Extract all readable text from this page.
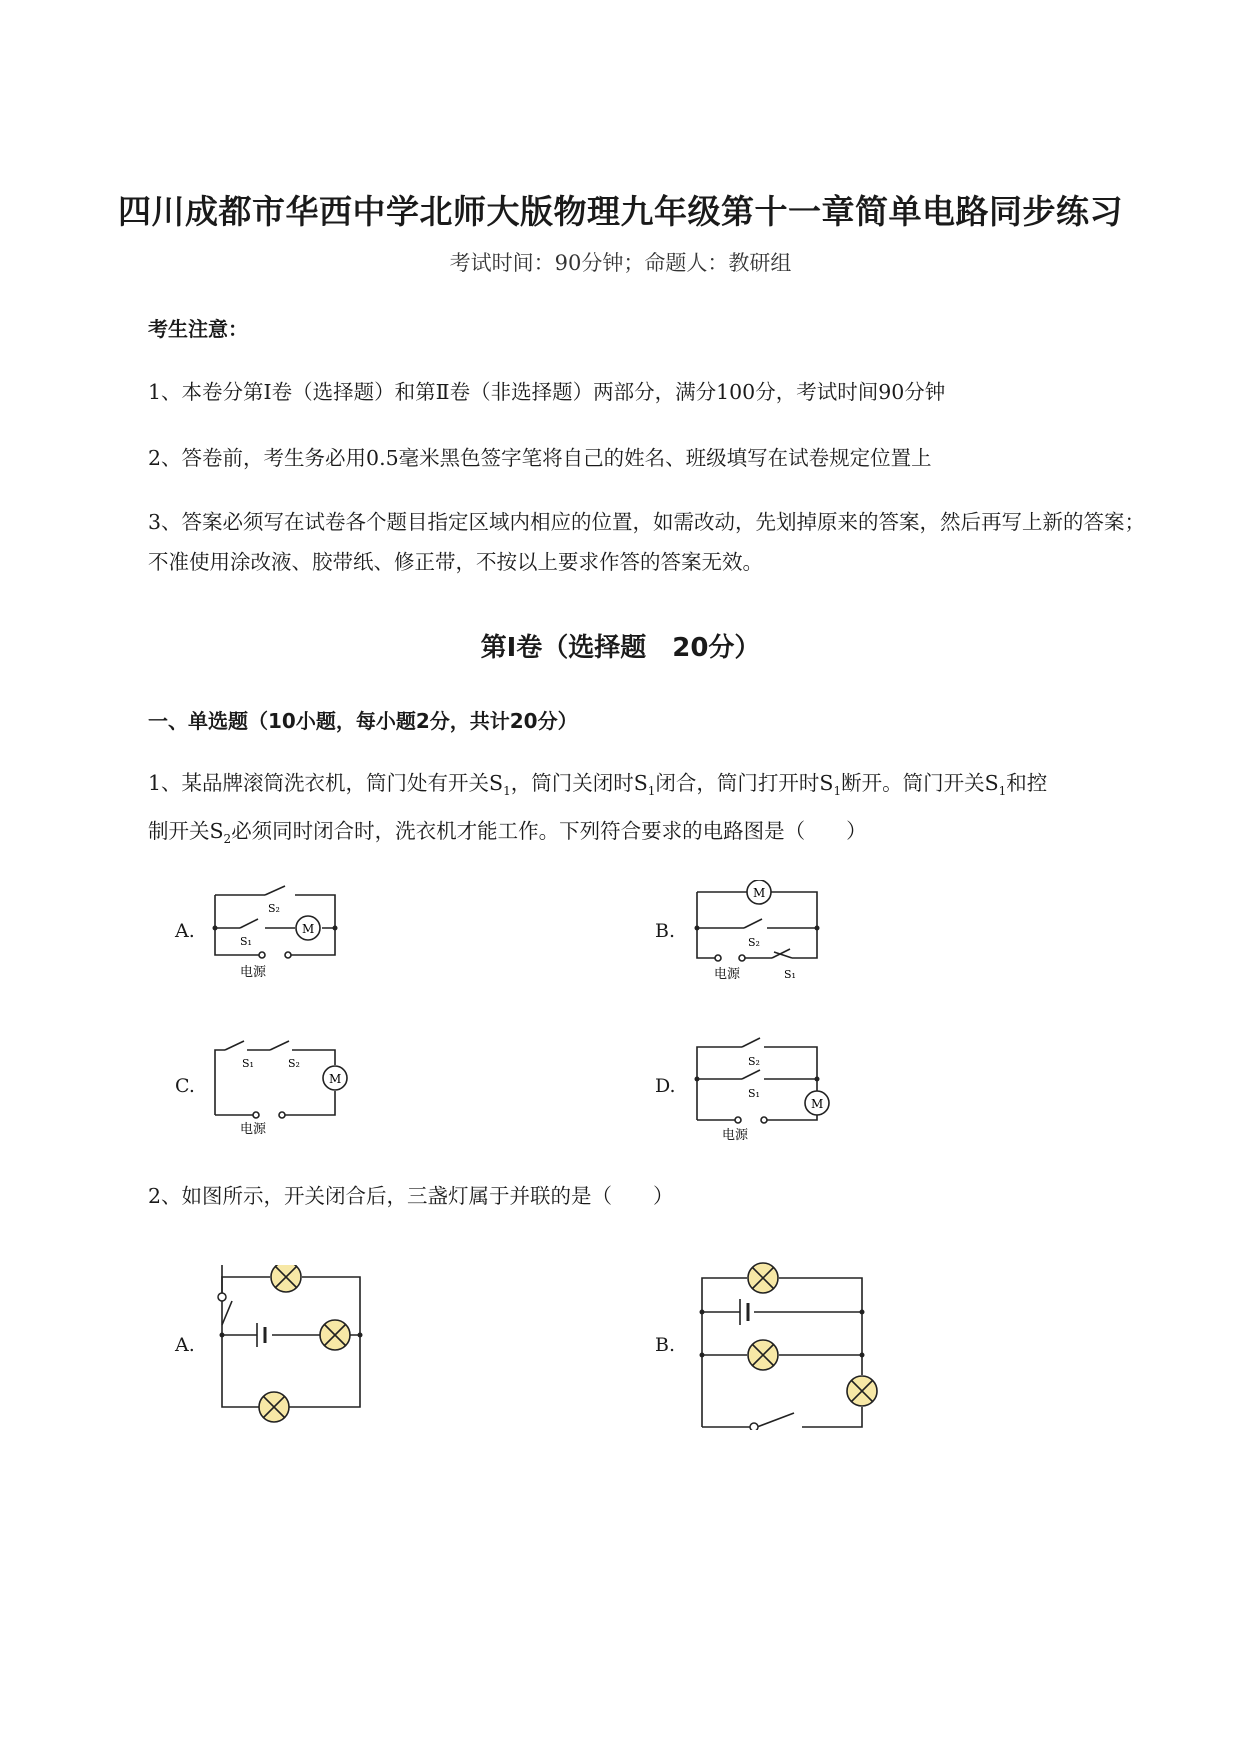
四川成都市华西中学北师大版物理九年级第十一章简单电路同步练习
考试时间：90分钟；命题人：教研组
考生注意：
1、本卷分第I卷（选择题）和第Ⅱ卷（非选择题）两部分，满分100分，考试时间90分钟
2、答卷前，考生务必用0.5毫米黑色签字笔将自己的姓名、班级填写在试卷规定位置上
3、答案必须写在试卷各个题目指定区域内相应的位置，如需改动，先划掉原来的答案，然后再写上新的答案；不准使用涂改液、胶带纸、修正带，不按以上要求作答的答案无效。
第I卷（选择题　20分）
一、单选题（10小题，每小题2分，共计20分）
1、某品牌滚筒洗衣机，筒门处有开关$S_1$，筒门关闭时$S_1$闭合，筒门打开时$S_1$断开。筒门开关$S_1$和控
制开关$S_2$必须同时闭合时，洗衣机才能工作。下列符合要求的电路图是（　　）
A.	B.
C.	D.
S₂
S₁
M
电源
M
S₂
电源	S₁
S₁	S₂
M
电源
S₂
S₁
M
电源
2、如图所示，开关闭合后，三盏灯属于并联的是（　　）
A.	B.
